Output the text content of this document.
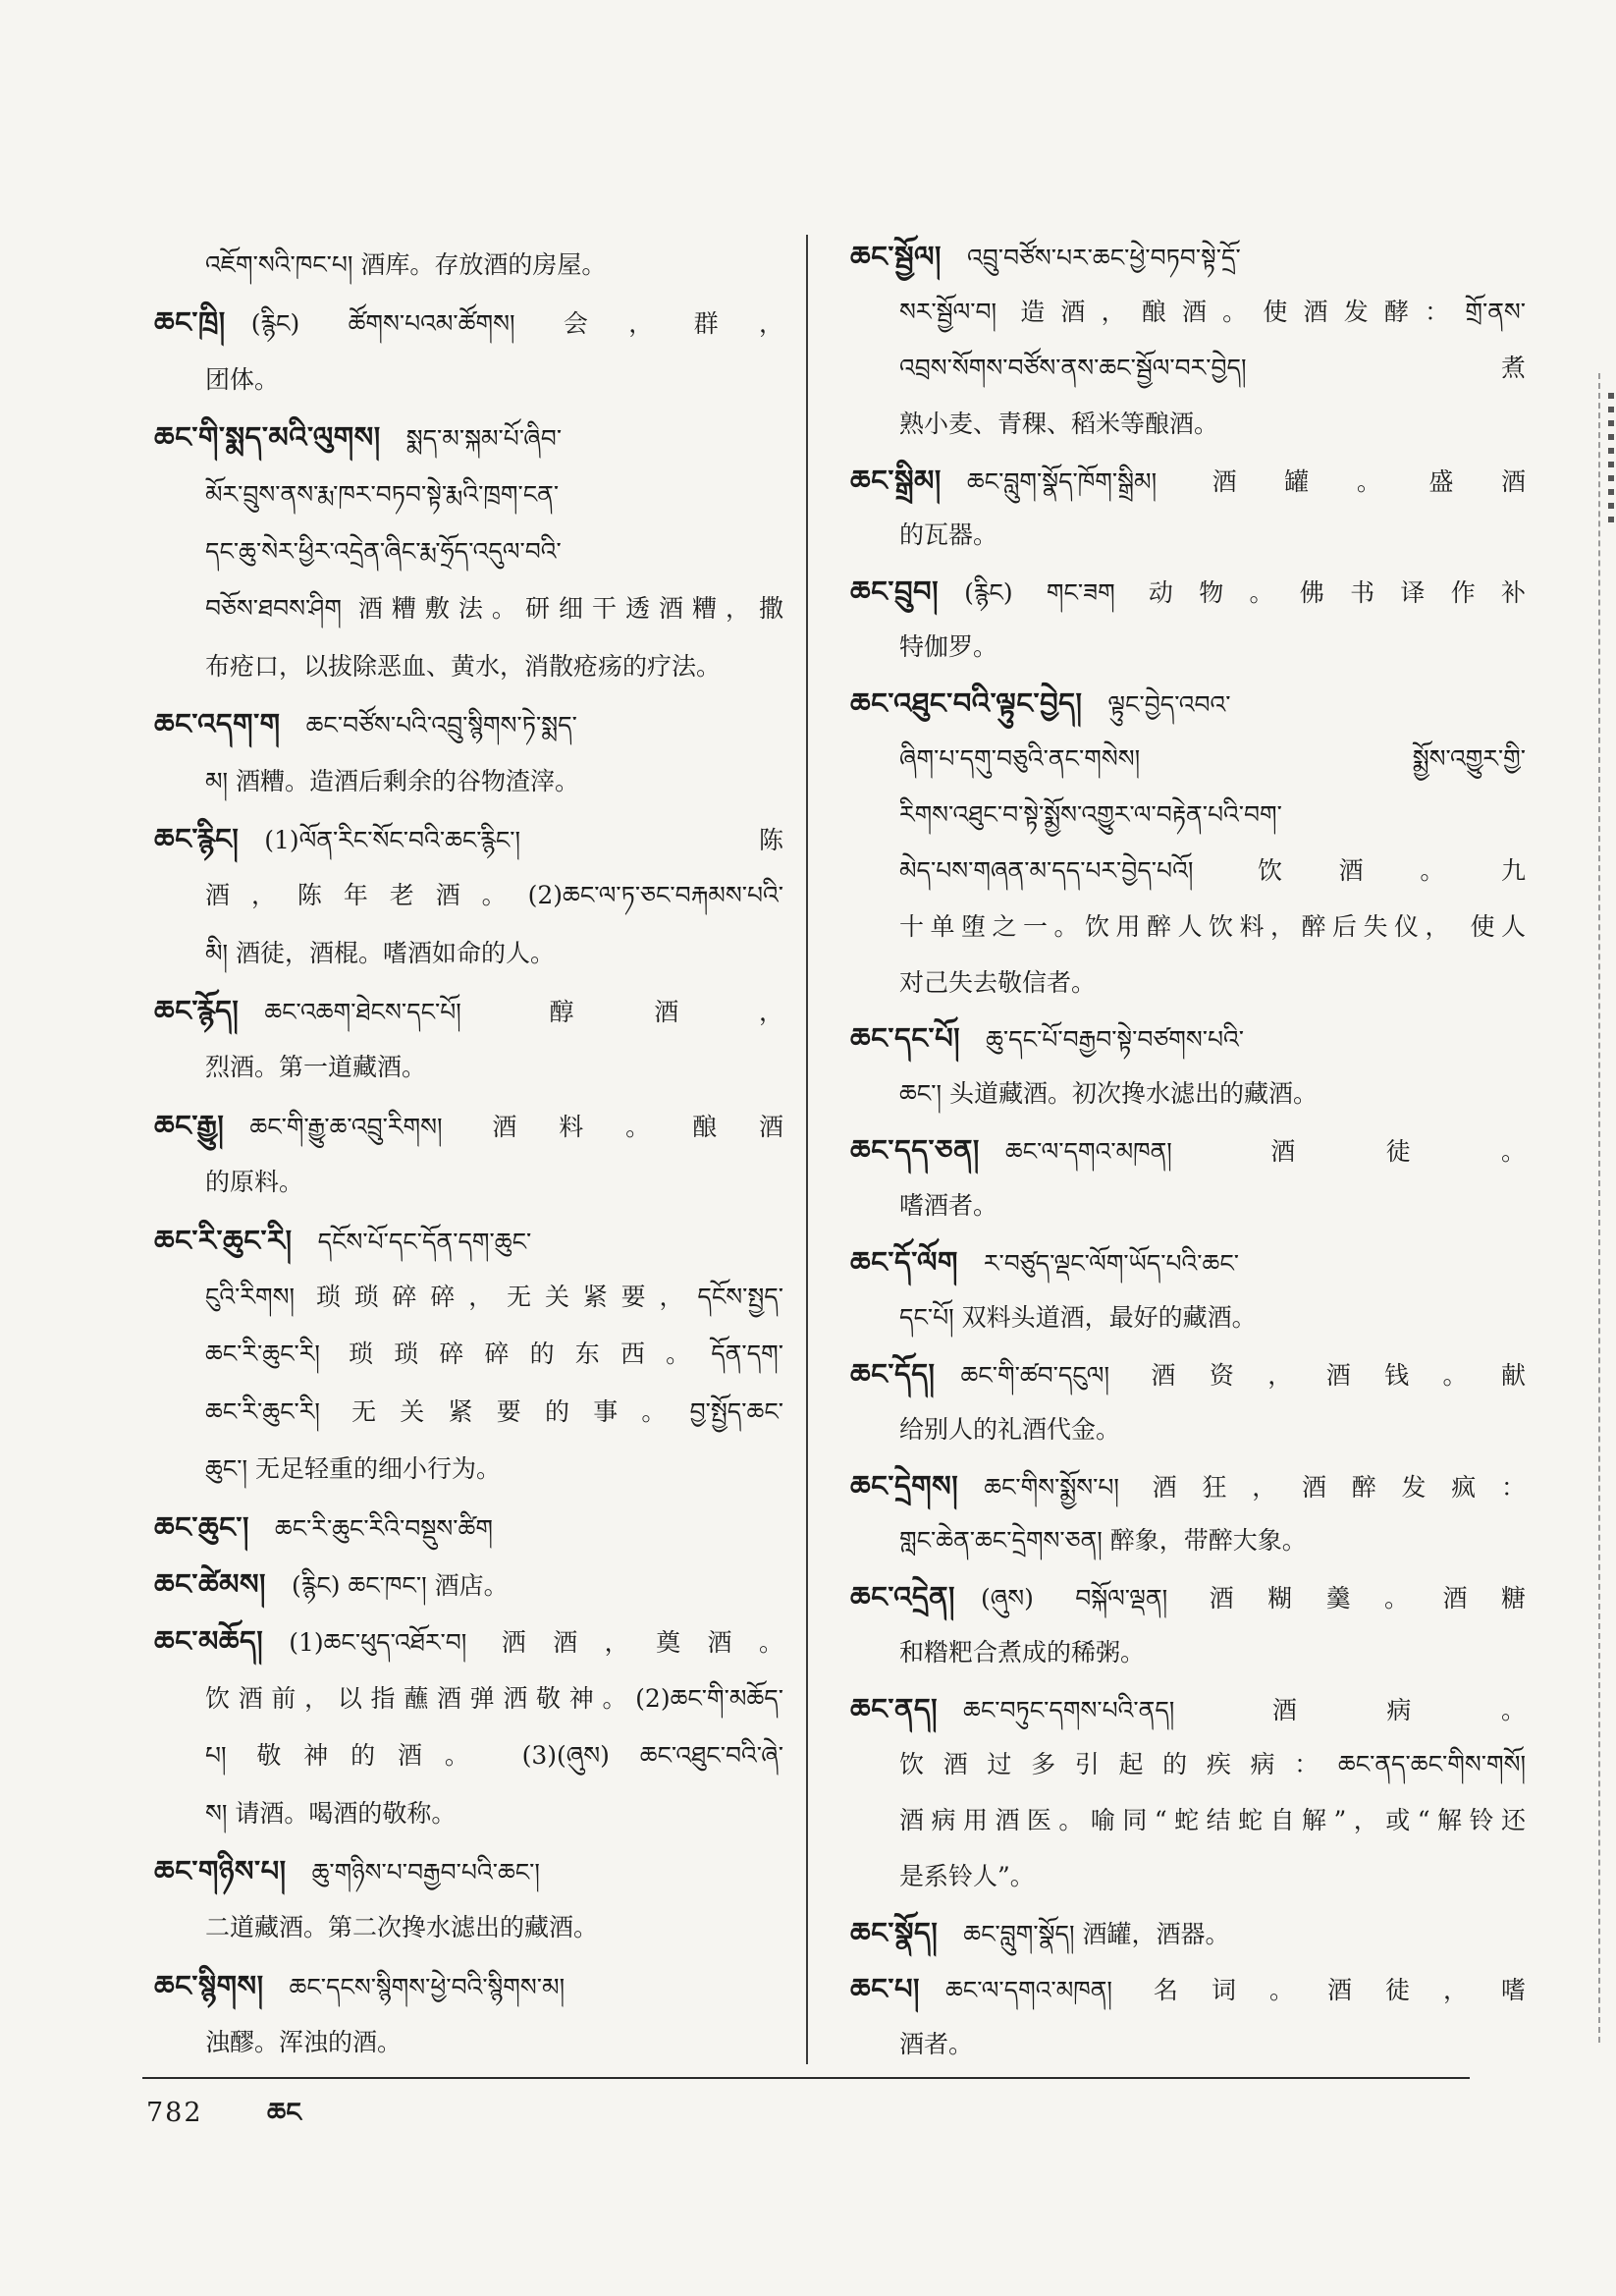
འཇོག་སའི་ཁང་པ། 酒库。存放酒的房屋。
ཆང་ཁྲི། (རྙིང) ཚོགས་པའམ་ཚོགས། 会，群，
团体。
ཆང་གི་སྨད་མའི་ལུགས། སྨད་མ་སྐམ་པོ་ཞིབ་
མོར་བྲུས་ནས་རྨ་ཁར་བཏབ་སྟེ་རྨའི་ཁྲག་ངན་
དང་ཆུ་སེར་ཕྱིར་འདྲེན་ཞིང་རྨ་ཧྲོད་འདུལ་བའི་
བཅོས་ཐབས་ཤིག 酒糟敷法。研细干透酒糟，撒
布疮口，以拔除恶血、黄水，消散疮疡的疗法。
ཆང་འདག་ག ཆང་བཙོས་པའི་འབྲུ་སྙིགས་ཏེ་སྨད་
མ། 酒糟。造酒后剩余的谷物渣滓。
ཆང་རྙིང། (1)ལོན་རིང་སོང་བའི་ཆང་རྙིང་། 陈
酒，陈年老酒。(2)ཆང་ལ་ཏ་ཅང་བརྐམས་པའི་
མི། 酒徒，酒棍。嗜酒如命的人。
ཆང་རྙོད། ཆང་འཆག་ཐེངས་དང་པོ། 醇酒，
烈酒。第一道藏酒。
ཆང་རྒྱུ། ཆང་གི་རྒྱུ་ཆ་འབྲུ་རིགས། 酒料。酿酒
的原料。
ཆང་རི་ཆུང་རི། དངོས་པོ་དང་དོན་དག་ཆུང་
ངུའི་རིགས། 琐琐碎碎，无关紧要，དངོས་སྤྱད་
ཆང་རི་ཆུང་རི། 琐琐碎碎的东西。དོན་དག་
ཆང་རི་ཆུང་རི། 无关紧要的事。བྱ་སྤྱོད་ཆང་
ཆུང་། 无足轻重的细小行为。
ཆང་ཆུང་། ཆང་རི་ཆུང་རིའི་བསྡུས་ཚིག
ཆང་ཚེམས། (རྙིང) ཆང་ཁང་། 酒店。
ཆང་མཆོད། (1)ཆང་ཕུད་འཐོར་བ། 洒酒，奠酒。
饮酒前，以指蘸酒弹洒敬神。(2)ཆང་གི་མཆོད་
པ། 敬神的酒。 (3)(ཞུས) ཆང་འཐུང་བའི་ཞེ་
ས། 请酒。喝酒的敬称。
ཆང་གཉིས་པ། ཆུ་གཉིས་པ་བརྒྱབ་པའི་ཆང་།
二道藏酒。第二次搀水滤出的藏酒。
ཆང་སྙིགས། ཆང་དངས་སྙིགས་ཕྱེ་བའི་སྙིགས་མ།
浊醪。浑浊的酒。
ཆང་སྦྱོལ། འབྲུ་བཙོས་པར་ཆང་ཕྱེ་བཏབ་སྟེ་དྲོ་
སར་སྦྱོལ་བ། 造酒，酿酒。使酒发酵：གྲོ་ནས་
འབྲས་སོགས་བཙོས་ནས་ཆང་སྦྱོལ་བར་བྱེད། 煮
熟小麦、青稞、稻米等酿酒。
ཆང་སྒྲིམ། ཆང་བླུག་སྣོད་ཁོག་སྒྲིམ། 酒罐。盛酒
的瓦器。
ཆང་བྲུབ། (རྙིང) གང་ཟག 动物。佛书译作补
特伽罗。
ཆང་འཐུང་བའི་ལྟུང་བྱེད། ལྟུང་བྱེད་འབའ་
ཞིག་པ་དགུ་བཅུའི་ནང་གསེས། སྨྱོས་འགྱུར་གྱི་
རིགས་འཐུང་བ་སྟེ་སྨྱོས་འགྱུར་ལ་བརྟེན་པའི་བག་
མེད་པས་གཞན་མ་དད་པར་བྱེད་པའོ། 饮酒。九
十单堕之一。饮用醉人饮料，醉后失仪， 使人
对己失去敬信者。
ཆང་དང་པོ། ཆུ་དང་པོ་བརྒྱབ་སྟེ་བཙགས་པའི་
ཆང་། 头道藏酒。初次搀水滤出的藏酒。
ཆང་དད་ཅན། ཆང་ལ་དགའ་མཁན། 酒徒。
嗜酒者。
ཆང་དོ་ལོག ར་བཙུད་ལྡང་ལོག་ཡོད་པའི་ཆང་
དང་པོ། 双料头道酒，最好的藏酒。
ཆང་དོད། ཆང་གི་ཚབ་དངུལ། 酒资，酒钱。献
给别人的礼酒代金。
ཆང་དྲེགས། ཆང་གིས་སྨྱོས་པ། 酒狂，酒醉发疯：
གླང་ཆེན་ཆང་དྲེགས་ཅན། 醉象，带醉大象。
ཆང་འདྲེན། (ཞུས) བསྐོལ་ལྡན། 酒糊羹。酒糖
和糌粑合煮成的稀粥。
ཆང་ནད། ཆང་བཏུང་དགས་པའི་ནད། 酒病。
饮酒过多引起的疾病：ཆང་ནད་ཆང་གིས་གསོ།
酒病用酒医。喻同“蛇结蛇自解”，或“解铃还
是系铃人”。
ཆང་སྣོད། ཆང་བླུག་སྣོད། 酒罐，酒器。
ཆང་པ། ཆང་ལ་དགའ་མཁན། 名词。酒徒，嗜
酒者。
782 ཆང
